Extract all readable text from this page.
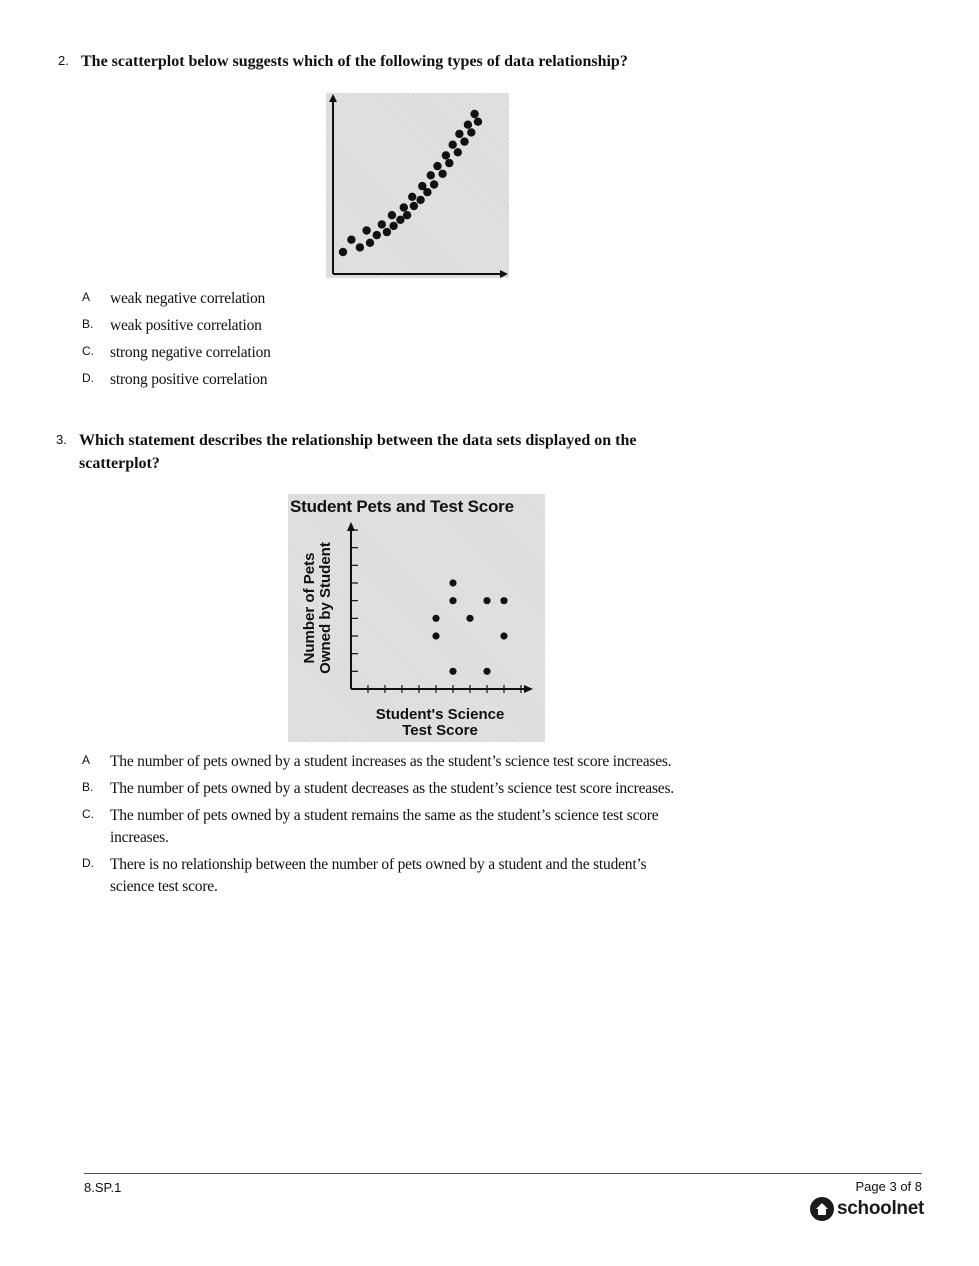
2. The scatterplot below suggests which of the following types of data relationship?
A weak negative correlation
B. weak positive correlation
C. strong negative correlation
D. strong positive correlation
3. Which statement describes the relationship between the data sets displayed on the
scatterplot?
Student Pets and Test Score
Number of Pets Owned by Student
Student's Science
Test Score
A The number of pets owned by a student increases as the student’s science test score increases.
B. The number of pets owned by a student decreases as the student’s science test score increases.
C. The number of pets owned by a student remains the same as the student’s science test score
increases.
D. There is no relationship between the number of pets owned by a student and the student’s
science test score.
8.SP.1	Page 3 of 8
schoolnet
